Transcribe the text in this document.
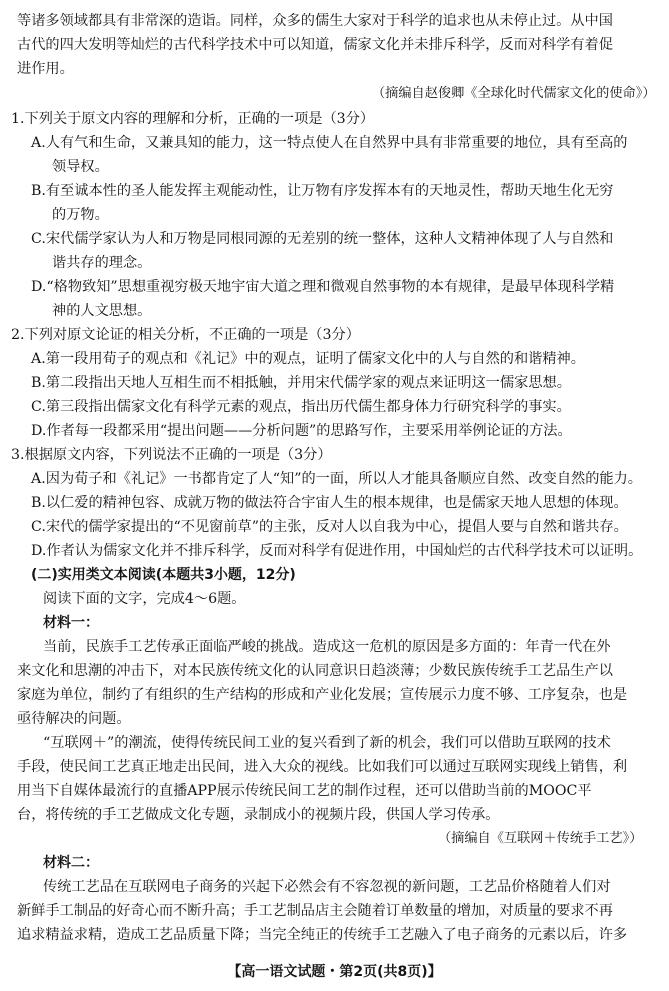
等诸多领域都具有非常深的造诣。同样，众多的儒生大家对于科学的追求也从未停止过。从中国
古代的四大发明等灿烂的古代科学技术中可以知道，儒家文化并未排斥科学，反而对科学有着促
进作用。
（摘编自赵俊卿《全球化时代儒家文化的使命》）
1.下列关于原文内容的理解和分析，正确的一项是（3分）
A.人有气和生命，又兼具知的能力，这一特点使人在自然界中具有非常重要的地位，具有至高的
领导权。
B.有至诚本性的圣人能发挥主观能动性，让万物有序发挥本有的天地灵性，帮助天地生化无穷
的万物。
C.宋代儒学家认为人和万物是同根同源的无差别的统一整体，这种人文精神体现了人与自然和
谐共存的理念。
D.“格物致知”思想重视穷极天地宇宙大道之理和微观自然事物的本有规律，是最早体现科学精
神的人文思想。
2.下列对原文论证的相关分析，不正确的一项是（3分）
A.第一段用荀子的观点和《礼记》中的观点，证明了儒家文化中的人与自然的和谐精神。
B.第二段指出天地人互相生而不相抵触，并用宋代儒学家的观点来证明这一儒家思想。
C.第三段指出儒家文化有科学元素的观点，指出历代儒生都身体力行研究科学的事实。
D.作者每一段都采用“提出问题——分析问题”的思路写作，主要采用举例论证的方法。
3.根据原文内容，下列说法不正确的一项是（3分）
A.因为荀子和《礼记》一书都肯定了人“知”的一面，所以人才能具备顺应自然、改变自然的能力。
B.以仁爱的精神包容、成就万物的做法符合宇宙人生的根本规律，也是儒家天地人思想的体现。
C.宋代的儒学家提出的“不见窗前草”的主张，反对人以自我为中心，提倡人要与自然和谐共存。
D.作者认为儒家文化并不排斥科学，反而对科学有促进作用，中国灿烂的古代科学技术可以证明。
(二)实用类文本阅读(本题共3小题，12分)
阅读下面的文字，完成4～6题。
材料一：
当前，民族手工艺传承正面临严峻的挑战。造成这一危机的原因是多方面的：年青一代在外
来文化和思潮的冲击下，对本民族传统文化的认同意识日趋淡薄；少数民族传统手工艺品生产以
家庭为单位，制约了有组织的生产结构的形成和产业化发展；宣传展示力度不够、工序复杂，也是
亟待解决的问题。
“互联网＋”的潮流，使得传统民间工业的复兴看到了新的机会，我们可以借助互联网的技术
手段，使民间工艺真正地走出民间，进入大众的视线。比如我们可以通过互联网实现线上销售，利
用当下自媒体最流行的直播APP展示传统民间工艺的制作过程，还可以借助当前的MOOC平
台，将传统的手工艺做成文化专题，录制成小的视频片段，供国人学习传承。
（摘编自《互联网＋传统手工艺》）
材料二：
传统工艺品在互联网电子商务的兴起下必然会有不容忽视的新问题，工艺品价格随着人们对
新鲜手工制品的好奇心而不断升高；手工艺制品店主会随着订单数量的增加，对质量的要求不再
追求精益求精，造成工艺品质量下降；当完全纯正的传统手工艺融入了电子商务的元素以后，许多
【高一语文试题・第2页(共8页)】
